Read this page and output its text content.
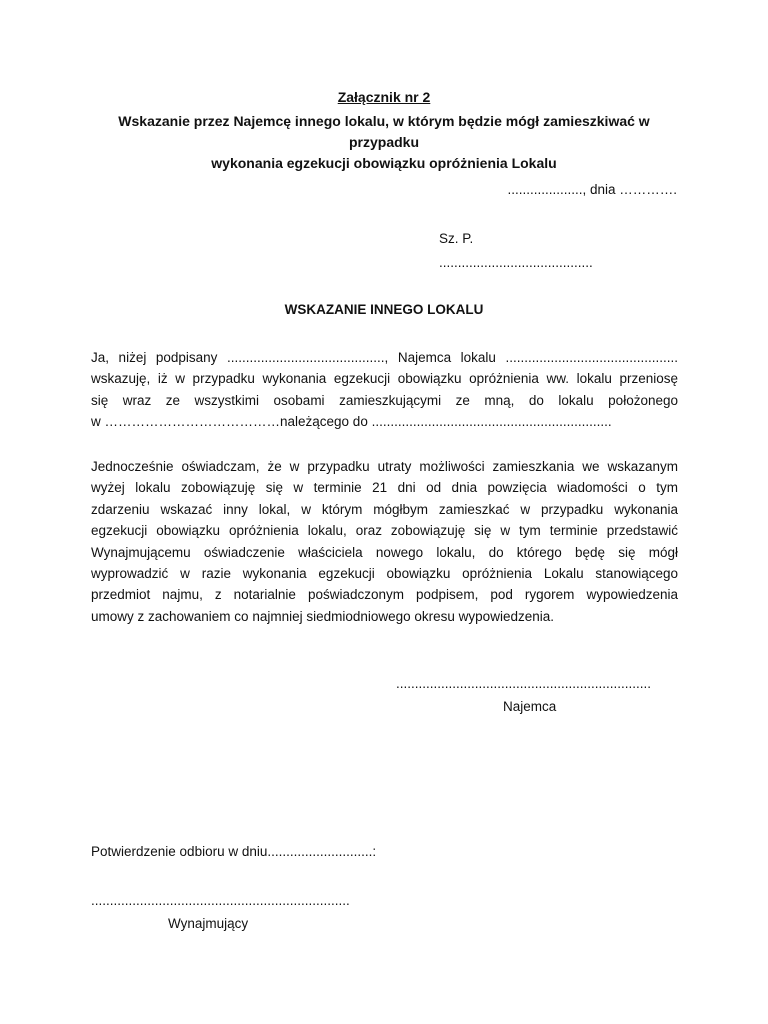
Załącznik nr 2
Wskazanie przez Najemcę innego lokalu, w którym będzie mógł zamieszkiwać w przypadku
wykonania egzekucji obowiązku opróżnienia Lokalu
...................., dnia ………….
Sz. P.
.........................................
WSKAZANIE INNEGO LOKALU
Ja, niżej podpisany .........................................., Najemca lokalu ..............................................
wskazuję, iż w przypadku wykonania egzekucji obowiązku opróżnienia ww. lokalu przeniosę
się wraz ze wszystkimi osobami zamieszkującymi ze mną, do lokalu położonego
w …………………………………należącego do ................................................................
Jednocześnie oświadczam, że w przypadku utraty możliwości zamieszkania we wskazanym
wyżej lokalu zobowiązuję się w terminie 21 dni od dnia powzięcia wiadomości o tym
zdarzeniu wskazać inny lokal, w którym mógłbym zamieszkać w przypadku wykonania
egzekucji obowiązku opróżnienia lokalu, oraz zobowiązuję się w tym terminie przedstawić
Wynajmującemu oświadczenie właściciela nowego lokalu, do którego będę się mógł
wyprowadzić w razie wykonania egzekucji obowiązku opróżnienia Lokalu stanowiącego
przedmiot najmu, z notarialnie poświadczonym podpisem, pod rygorem wypowiedzenia
umowy z zachowaniem co najmniej siedmiodniowego okresu wypowiedzenia.
....................................................................
Najemca
Potwierdzenie odbioru w dniu............................:
.....................................................................
Wynajmujący
